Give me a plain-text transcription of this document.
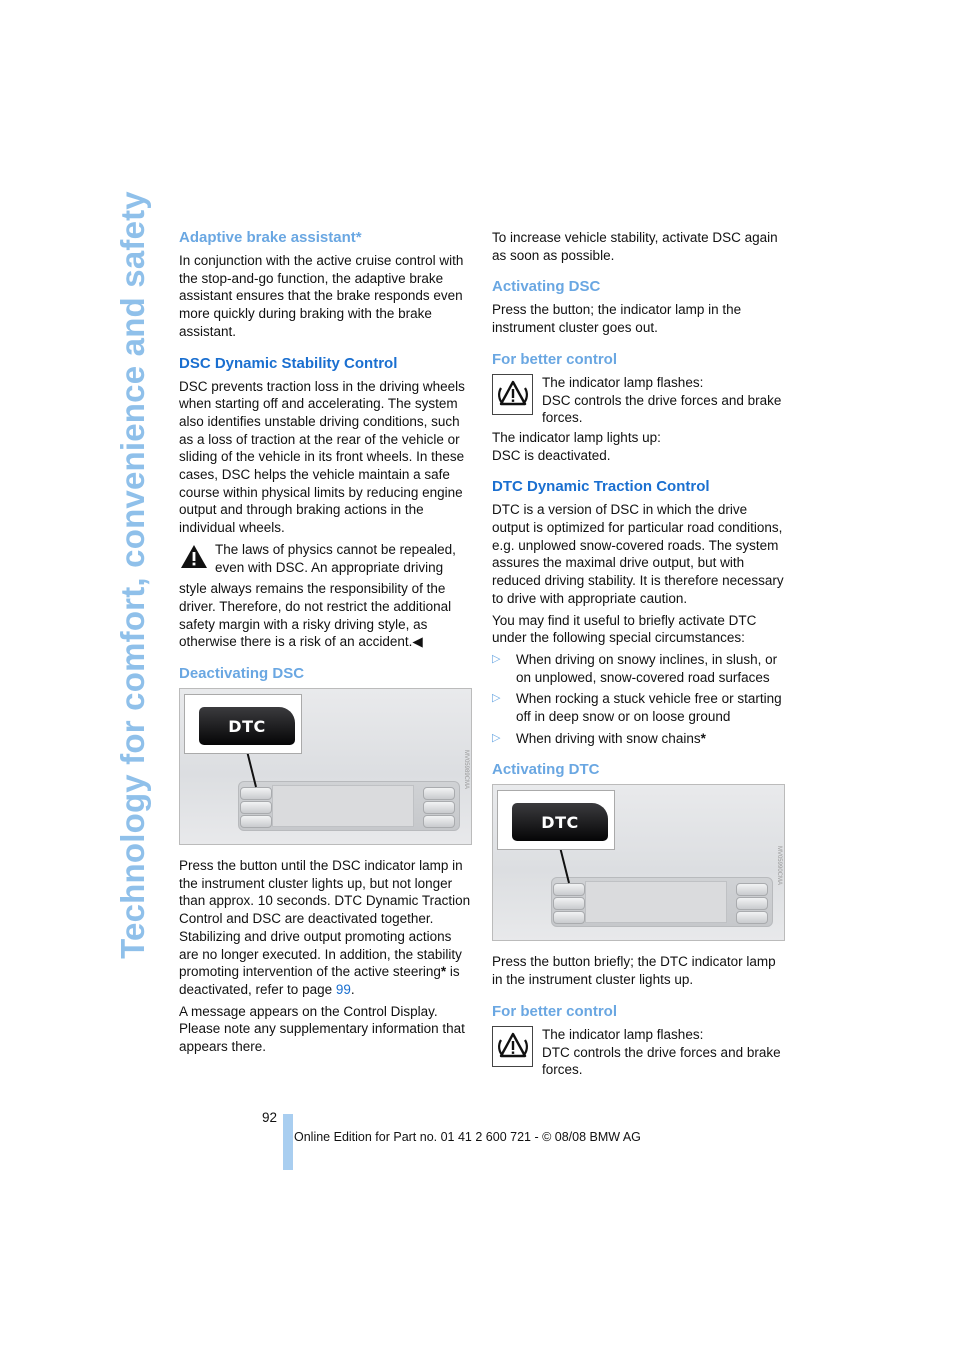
Technology for comfort, convenience and safety Adaptive brake assistant*

In conjunction with the active cruise control with the stop-and-go function, the adaptive brake assistant ensures that the brake responds even more quickly during braking with the brake assistant.

DSC Dynamic Stability Control

DSC prevents traction loss in the driving wheels when starting off and accelerating. The system also identifies unstable driving conditions, such as a loss of traction at the rear of the vehicle or sliding of the vehicle in its front wheels. In these cases, DSC helps the vehicle maintain a safe course within physical limits by reducing engine output and through braking actions in the individual wheels.

The laws of physics cannot be repealed, even with DSC. An appropriate driving

style always remains the responsibility of the driver. Therefore, do not restrict the additional safety margin with a risky driving style, as otherwise there is a risk of an accident.◀

Deactivating DSC
DTC
MV05989CMA

Press the button until the DSC indicator lamp in the instrument cluster lights up, but not longer than approx. 10 seconds. DTC Dynamic Traction Control and DSC are deactivated together. Stabilizing and drive output promoting actions are no longer executed. In addition, the stability promoting intervention of the active steering* is deactivated, refer to page 99.

A message appears on the Control Display. Please note any supplementary information that appears there.

To increase vehicle stability, activate DSC again as soon as possible.

Activating DSC

Press the button; the indicator lamp in the instrument cluster goes out.

For better control

The indicator lamp flashes:

DSC controls the drive forces and brake forces.

The indicator lamp lights up:

DSC is deactivated.

DTC Dynamic Traction Control

DTC is a version of DSC in which the drive output is optimized for particular road conditions, e.g. unplowed snow-covered roads. The system assures the maximal drive output, but with reduced driving stability. It is therefore necessary to drive with appropriate caution.

You may find it useful to briefly activate DTC under the following special circumstances:

▷ When driving on snowy inclines, in slush, or on unplowed, snow-covered road surfaces
▷ When rocking a stuck vehicle free or starting off in deep snow or on loose ground
▷ When driving with snow chains*
Activating DTC
DTC
MV05990CMA

Press the button briefly; the DTC indicator lamp in the instrument cluster lights up.

For better control

The indicator lamp flashes:

DTC controls the drive forces and brake forces.

92
Online Edition for Part no. 01 41 2 600 721 - © 08/08 BMW AG
